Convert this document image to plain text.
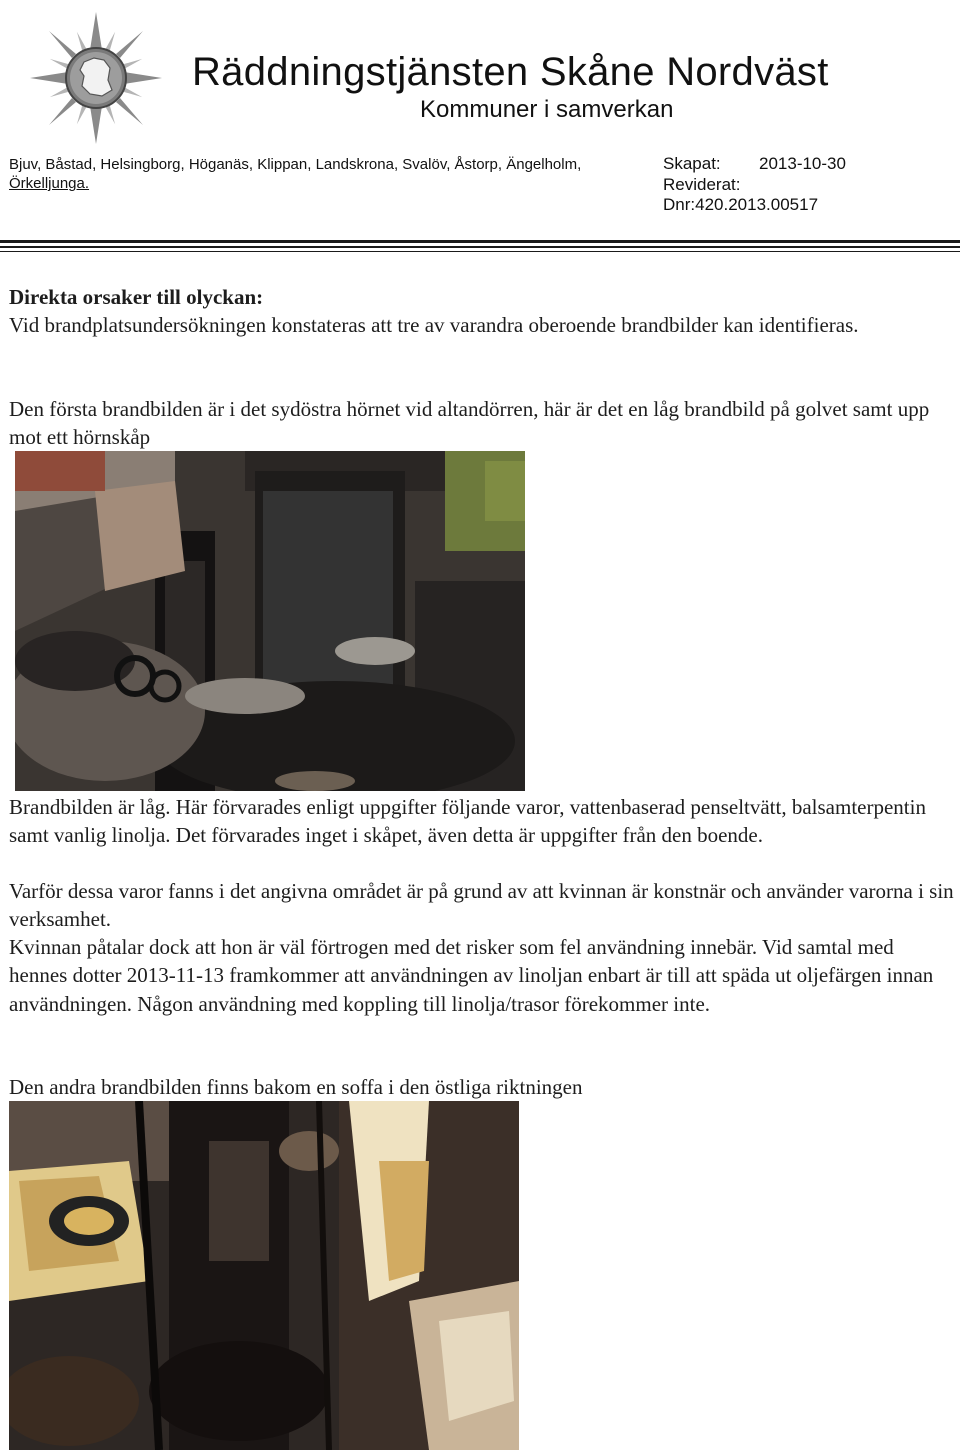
Räddningstjänsten Skåne Nordväst
Kommuner i samverkan
Bjuv, Båstad, Helsingborg, Höganäs, Klippan, Landskrona, Svalöv, Åstorp, Ängelholm,
Örkelljunga.
Skapat: 2013-10-30
Reviderat:
Dnr:420.2013.00517
Direkta orsaker till olyckan:
Vid brandplatsundersökningen konstateras att tre av varandra oberoende brandbilder kan identifieras.
Den första brandbilden är i det sydöstra hörnet vid altandörren, här är det en låg brandbild på golvet samt upp mot ett hörnskåp
Brandbilden är låg. Här förvarades enligt uppgifter följande varor, vattenbaserad penseltvätt, balsamterpentin samt vanlig linolja. Det förvarades inget i skåpet, även detta är uppgifter från den boende.
Varför dessa varor fanns i det angivna området är på grund av att kvinnan är konstnär och använder varorna i sin verksamhet.
Kvinnan påtalar dock att hon är väl förtrogen med det risker som fel användning innebär. Vid samtal med hennes dotter 2013-11-13 framkommer att användningen av linoljan enbart är till att späda ut oljefärgen innan användningen. Någon användning med koppling till linolja/trasor förekommer inte.
Den andra brandbilden finns bakom en soffa i den östliga riktningen
